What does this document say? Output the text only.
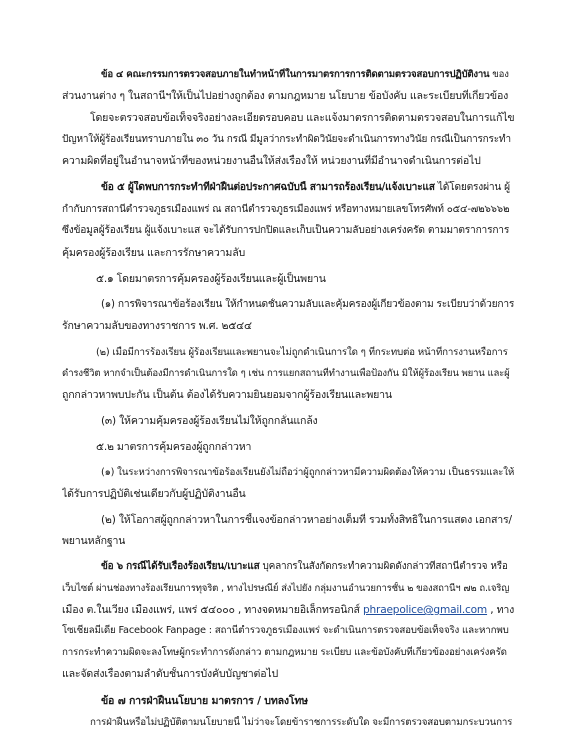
ข้อ ๔ คณะกรรมการตรวจสอบภายในทำหน้าที่ในการมาตรการการติดตามตรวจสอบการปฏิบัติงาน ของ
ส่วนงานต่าง ๆ ในสถานีฯให้เป็นไปอย่างถูกต้อง ตามกฎหมาย นโยบาย ข้อบังคับ และระเบียบที่เกี่ยวข้อง
โดยจะตรวจสอบข้อเท็จจริงอย่างละเอียดรอบคอบ และแจ้งมาตรการติดตามตรวจสอบในการแก้ไข
ปัญหาให้ผู้ร้องเรียนทราบภายใน ๓๐ วัน กรณี มีมูลว่ากระทำผิดวินัยจะดำเนินการทางวินัย กรณีเป็นการกระทำ
ความผิดที่อยู่ในอำนาจหน้าที่ของหน่วยงานอื่นให้ส่งเรื่องให้ หน่วยงานที่มีอำนาจดำเนินการต่อไป
ข้อ ๕ ผู้ใดพบการกระทำที่ฝ่าฝืนต่อประกาศฉบับนี้ สามารถร้องเรียน/แจ้งเบาะแส ได้โดยตรงผ่าน ผู้
กำกับการสถานีตำรวจภูธรเมืองแพร่ ณ สถานีตำรวจภูธรเมืองแพร่ หรือทางหมายเลขโทรศัพท์ ๐๕๔-๗๒๖๖๖๒
ซึ่งข้อมูลผู้ร้องเรียน ผู้แจ้งเบาะแส จะได้รับการปกปิดและเก็บเป็นความลับอย่างเคร่งครัด ตามมาตราการการ
คุ้มครองผู้ร้องเรียน และการรักษาความลับ
๕.๑ โดยมาตรการคุ้มครองผู้ร้องเรียนและผู้เป็นพยาน
(๑) การพิจารณาข้อร้องเรียน ให้กำหนดชั้นความลับและคุ้มครองผู้เกี่ยวข้องตาม ระเบียบว่าด้วยการ
รักษาความลับของทางราชการ พ.ศ. ๒๕๔๔
(๒) เมื่อมีการร้องเรียน ผู้ร้องเรียนและพยานจะไม่ถูกดำเนินการใด ๆ ที่กระทบต่อ หน้าที่การงานหรือการ
ดำรงชีวิต หากจำเป็นต้องมีการดำเนินการใด ๆ เช่น การแยกสถานที่ทำงานเพื่อป้องกัน มิให้ผู้ร้องเรียน พยาน และผู้
ถูกกล่าวหาพบปะกัน เป็นต้น ต้องได้รับความยินยอมจากผู้ร้องเรียนและพยาน
(๓) ให้ความคุ้มครองผู้ร้องเรียนไม่ให้ถูกกลั่นแกล้ง
๕.๒ มาตรการคุ้มครองผู้ถูกกล่าวหา
(๑) ในระหว่างการพิจารณาข้อร้องเรียนยังไม่ถือว่าผู้ถูกกล่าวหามีความผิดต้องให้ความ เป็นธรรมและให้
ได้รับการปฏิบัติเช่นเดียวกับผู้ปฏิบัติงานอื่น
(๒) ให้โอกาสผู้ถูกกล่าวหาในการชี้แจงข้อกล่าวหาอย่างเต็มที่ รวมทั้งสิทธิในการแสดง เอกสาร/
พยานหลักฐาน
ข้อ ๖ กรณีได้รับเรื่องร้องเรียน/เบาะแส บุคลากรในสังกัดกระทำความผิดดังกล่าวที่สถานีตำรวจ หรือ
เว็บไซต์ ผ่านช่องทางร้องเรียนการทุจริต , ทางไปรษณีย์ ส่งไปยัง กลุ่มงานอำนวยการชั้น ๒ ของสถานีฯ ๗๒ ถ.เจริญ
เมือง ต.ในเวียง เมืองแพร่, แพร่ ๕๔๐๐๐ , ทางจดหมายอิเล็กทรอนิกส์ phraepolice@gmail.com , ทาง
โซเชียลมีเดีย Facebook Fanpage : สถานีตำรวจภูธรเมืองแพร่ จะดำเนินการตรวจสอบข้อเท็จจริง และหากพบ
การกระทำความผิดจะลงโทษผู้กระทำการดังกล่าว ตามกฎหมาย ระเบียบ และข้อบังคับที่เกี่ยวข้องอย่างเคร่งครัด
และจัดส่งเรื่องตามลำดับชั้นการบังคับบัญชาต่อไป
ข้อ ๗ การฝ่าฝืนนโยบาย มาตรการ / บทลงโทษ
การฝ่าฝืนหรือไม่ปฏิบัติตามนโยบายนี้ ไม่ว่าจะโดยข้าราชการระดับใด จะมีการตรวจสอบตามกระบวนการ
